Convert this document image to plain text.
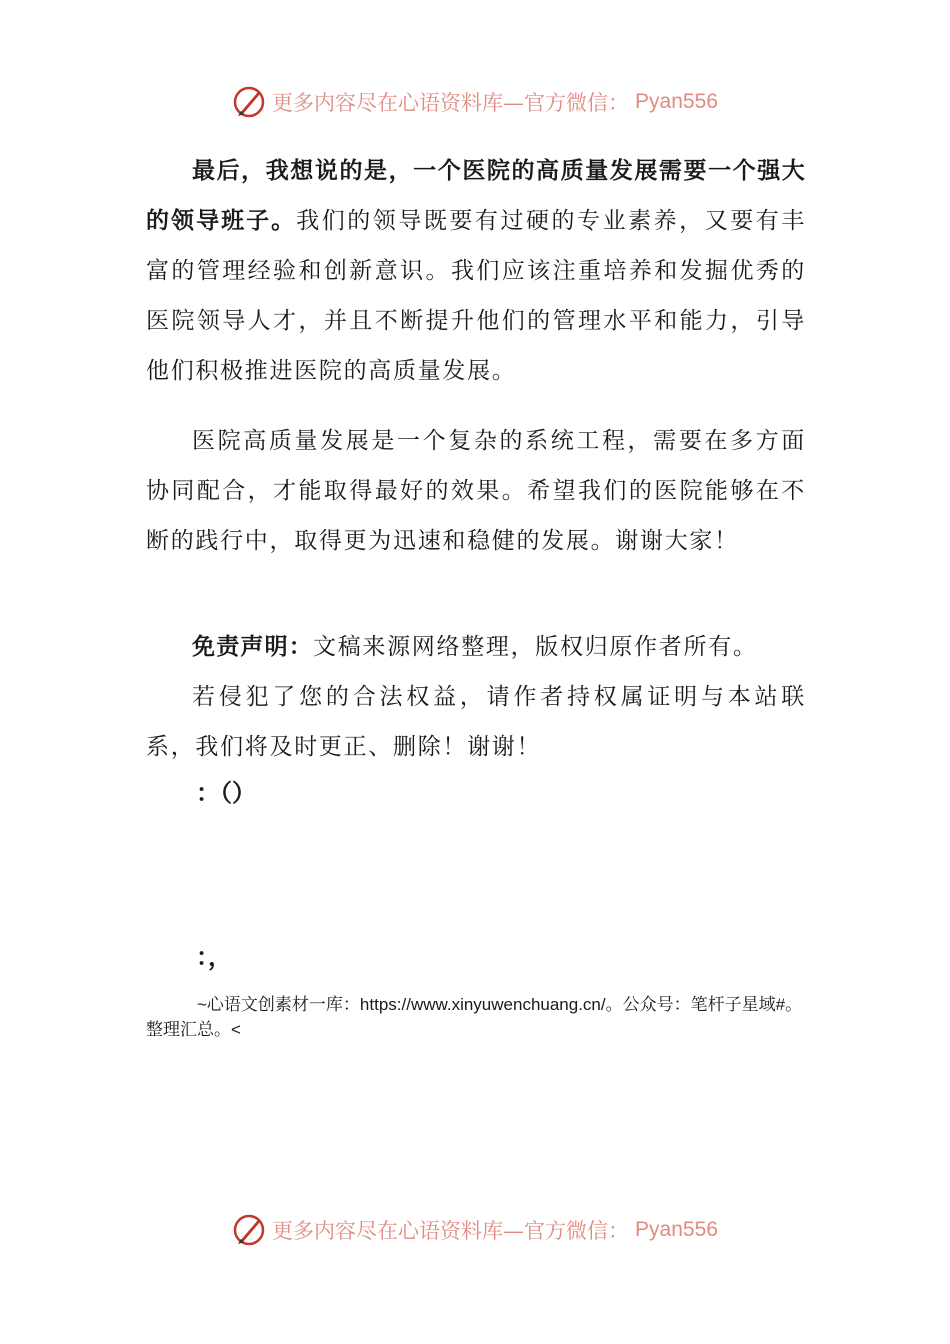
更多内容尽在心语资料库—官方微信： Pyan556

最后，我想说的是，一个医院的高质量发展需要一个强大的领导班子。我们的领导既要有过硬的专业素养，又要有丰富的管理经验和创新意识。我们应该注重培养和发掘优秀的医院领导人才，并且不断提升他们的管理水平和能力，引导他们积极推进医院的高质量发展。

医院高质量发展是一个复杂的系统工程，需要在多方面协同配合，才能取得最好的效果。希望我们的医院能够在不断的践行中，取得更为迅速和稳健的发展。谢谢大家！

免责声明：文稿来源网络整理，版权归原作者所有。

若侵犯了您的合法权益，请作者持权属证明与本站联系，我们将及时更正、删除！谢谢！

：（）

：，

~心语文创素材一库：https://www.xinyuwenchuang.cn/。公众号：笔杆子星域#。整理汇总。<

更多内容尽在心语资料库—官方微信： Pyan556
